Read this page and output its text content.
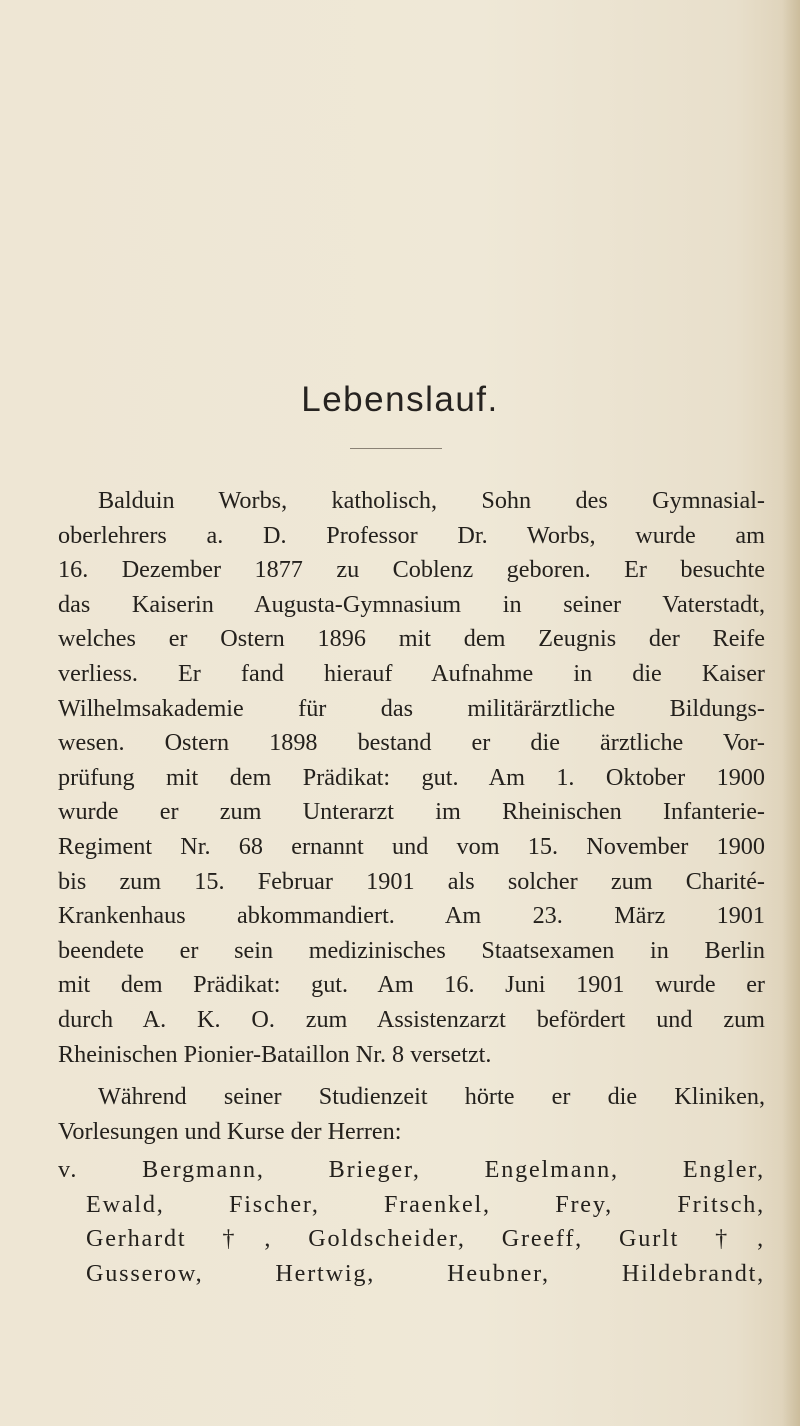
Lebenslauf.
Balduin Worbs, katholisch, Sohn des Gymnasial-
oberlehrers a. D. Professor Dr. Worbs, wurde am
16. Dezember 1877 zu Coblenz geboren. Er besuchte
das Kaiserin Augusta-Gymnasium in seiner Vaterstadt,
welches er Ostern 1896 mit dem Zeugnis der Reife
verliess. Er fand hierauf Aufnahme in die Kaiser
Wilhelmsakademie für das militärärztliche Bildungs-
wesen. Ostern 1898 bestand er die ärztliche Vor-
prüfung mit dem Prädikat: gut. Am 1. Oktober 1900
wurde er zum Unterarzt im Rheinischen Infanterie-
Regiment Nr. 68 ernannt und vom 15. November 1900
bis zum 15. Februar 1901 als solcher zum Charité-
Krankenhaus abkommandiert. Am 23. März 1901
beendete er sein medizinisches Staatsexamen in Berlin
mit dem Prädikat: gut. Am 16. Juni 1901 wurde er
durch A. K. O. zum Assistenzarzt befördert und zum
Rheinischen Pionier-Bataillon Nr. 8 versetzt.
Während seiner Studienzeit hörte er die Kliniken,
Vorlesungen und Kurse der Herren:
v. Bergmann, Brieger, Engelmann, Engler,
Ewald, Fischer, Fraenkel, Frey, Fritsch,
Gerhardt †, Goldscheider, Greeff, Gurlt †,
Gusserow, Hertwig, Heubner, Hildebrandt,
